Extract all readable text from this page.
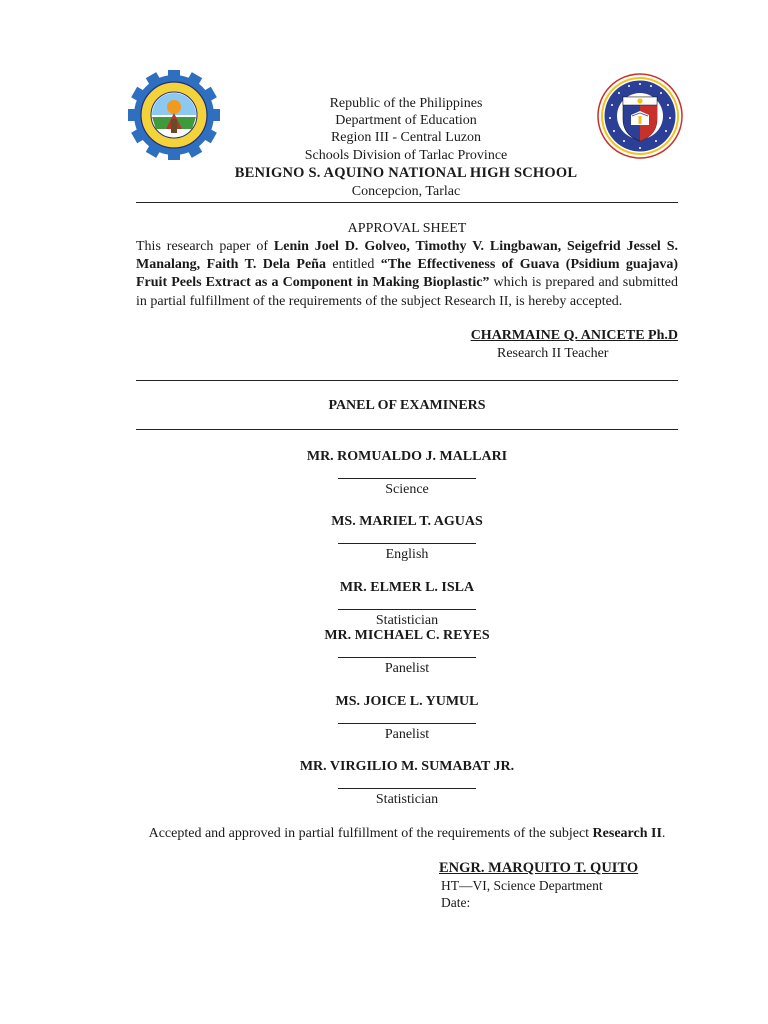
Republic of the Philippines
Department of Education
Region III - Central Luzon
Schools Division of Tarlac Province
BENIGNO S. AQUINO NATIONAL HIGH SCHOOL
Concepcion, Tarlac
APPROVAL SHEET
This research paper of Lenin Joel D. Golveo, Timothy V. Lingbawan, Seigefrid Jessel S. Manalang, Faith T. Dela Peña entitled “The Effectiveness of Guava (Psidium guajava) Fruit Peels Extract as a Component in Making Bioplastic” which is prepared and submitted in partial fulfillment of the requirements of the subject Research II, is hereby accepted.
CHARMAINE Q. ANICETE Ph.D
Research II Teacher
PANEL OF EXAMINERS
MR. ROMUALDO J. MALLARI
Science
MS. MARIEL T. AGUAS
English
MR. ELMER L. ISLA
Statistician
MR. MICHAEL C. REYES
Panelist
MS. JOICE L. YUMUL
Panelist
MR. VIRGILIO M. SUMABAT JR.
Statistician
Accepted and approved in partial fulfillment of the requirements of the subject Research II.
ENGR. MARQUITO T. QUITO
HT—VI, Science Department
Date:
